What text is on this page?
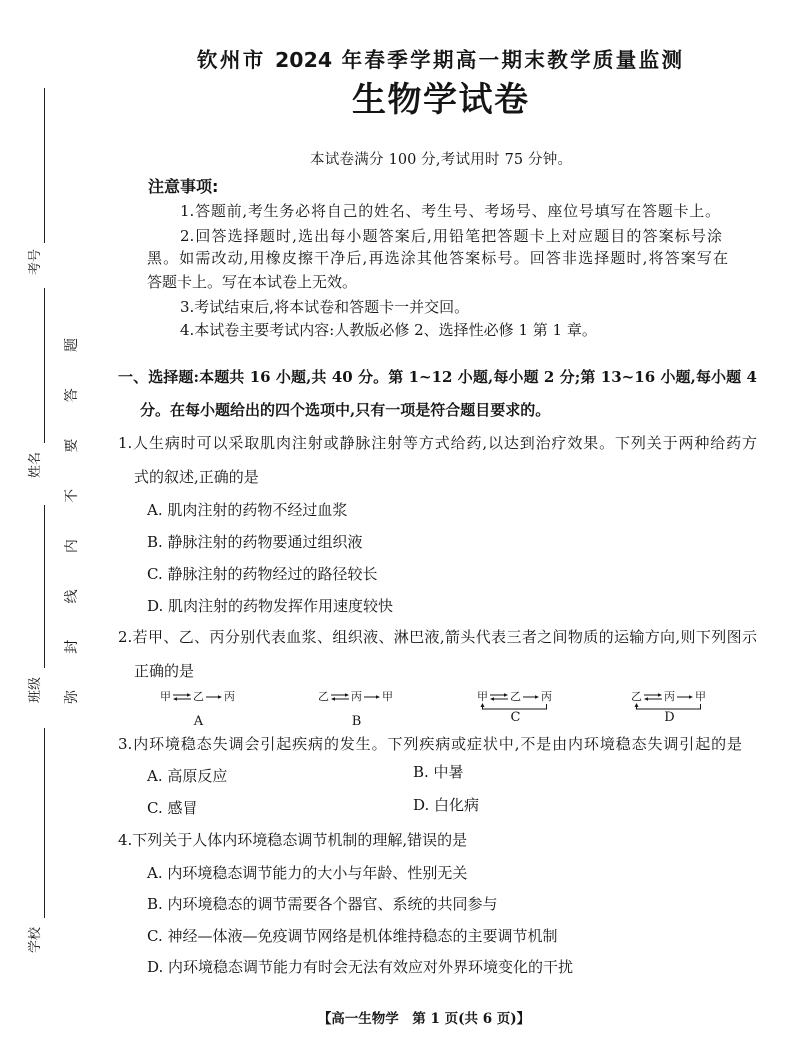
考号
姓名
班级
学校
弥封线内不要答题
钦州市 2024 年春季学期高一期末教学质量监测
生物学试卷
本试卷满分 100 分,考试用时 75 分钟。
注意事项:
1.答题前,考生务必将自己的姓名、考生号、考场号、座位号填写在答题卡上。
2.回答选择题时,选出每小题答案后,用铅笔把答题卡上对应题目的答案标号涂
黑。如需改动,用橡皮擦干净后,再选涂其他答案标号。回答非选择题时,将答案写在
答题卡上。写在本试卷上无效。
3.考试结束后,将本试卷和答题卡一并交回。
4.本试卷主要考试内容:人教版必修 2、选择性必修 1 第 1 章。
一、选择题:本题共 16 小题,共 40 分。第 1~12 小题,每小题 2 分;第 13~16 小题,每小题 4
分。在每小题给出的四个选项中,只有一项是符合题目要求的。
1.人生病时可以采取肌肉注射或静脉注射等方式给药,以达到治疗效果。下列关于两种给药方
式的叙述,正确的是
A. 肌肉注射的药物不经过血浆
B. 静脉注射的药物要通过组织液
C. 静脉注射的药物经过的路径较长
D. 肌肉注射的药物发挥作用速度较快
2.若甲、乙、丙分别代表血浆、组织液、淋巴液,箭头代表三者之间物质的运输方向,则下列图示
正确的是
甲 乙 丙
A
乙 丙 甲
B
甲 乙 丙
C
乙 丙 甲
D
3.内环境稳态失调会引起疾病的发生。下列疾病或症状中,不是由内环境稳态失调引起的是
A. 高原反应	B. 中暑
C. 感冒	D. 白化病
4.下列关于人体内环境稳态调节机制的理解,错误的是
A. 内环境稳态调节能力的大小与年龄、性别无关
B. 内环境稳态的调节需要各个器官、系统的共同参与
C. 神经—体液—免疫调节网络是机体维持稳态的主要调节机制
D. 内环境稳态调节能力有时会无法有效应对外界环境变化的干扰
【高一生物学　第 1 页(共 6 页)】
